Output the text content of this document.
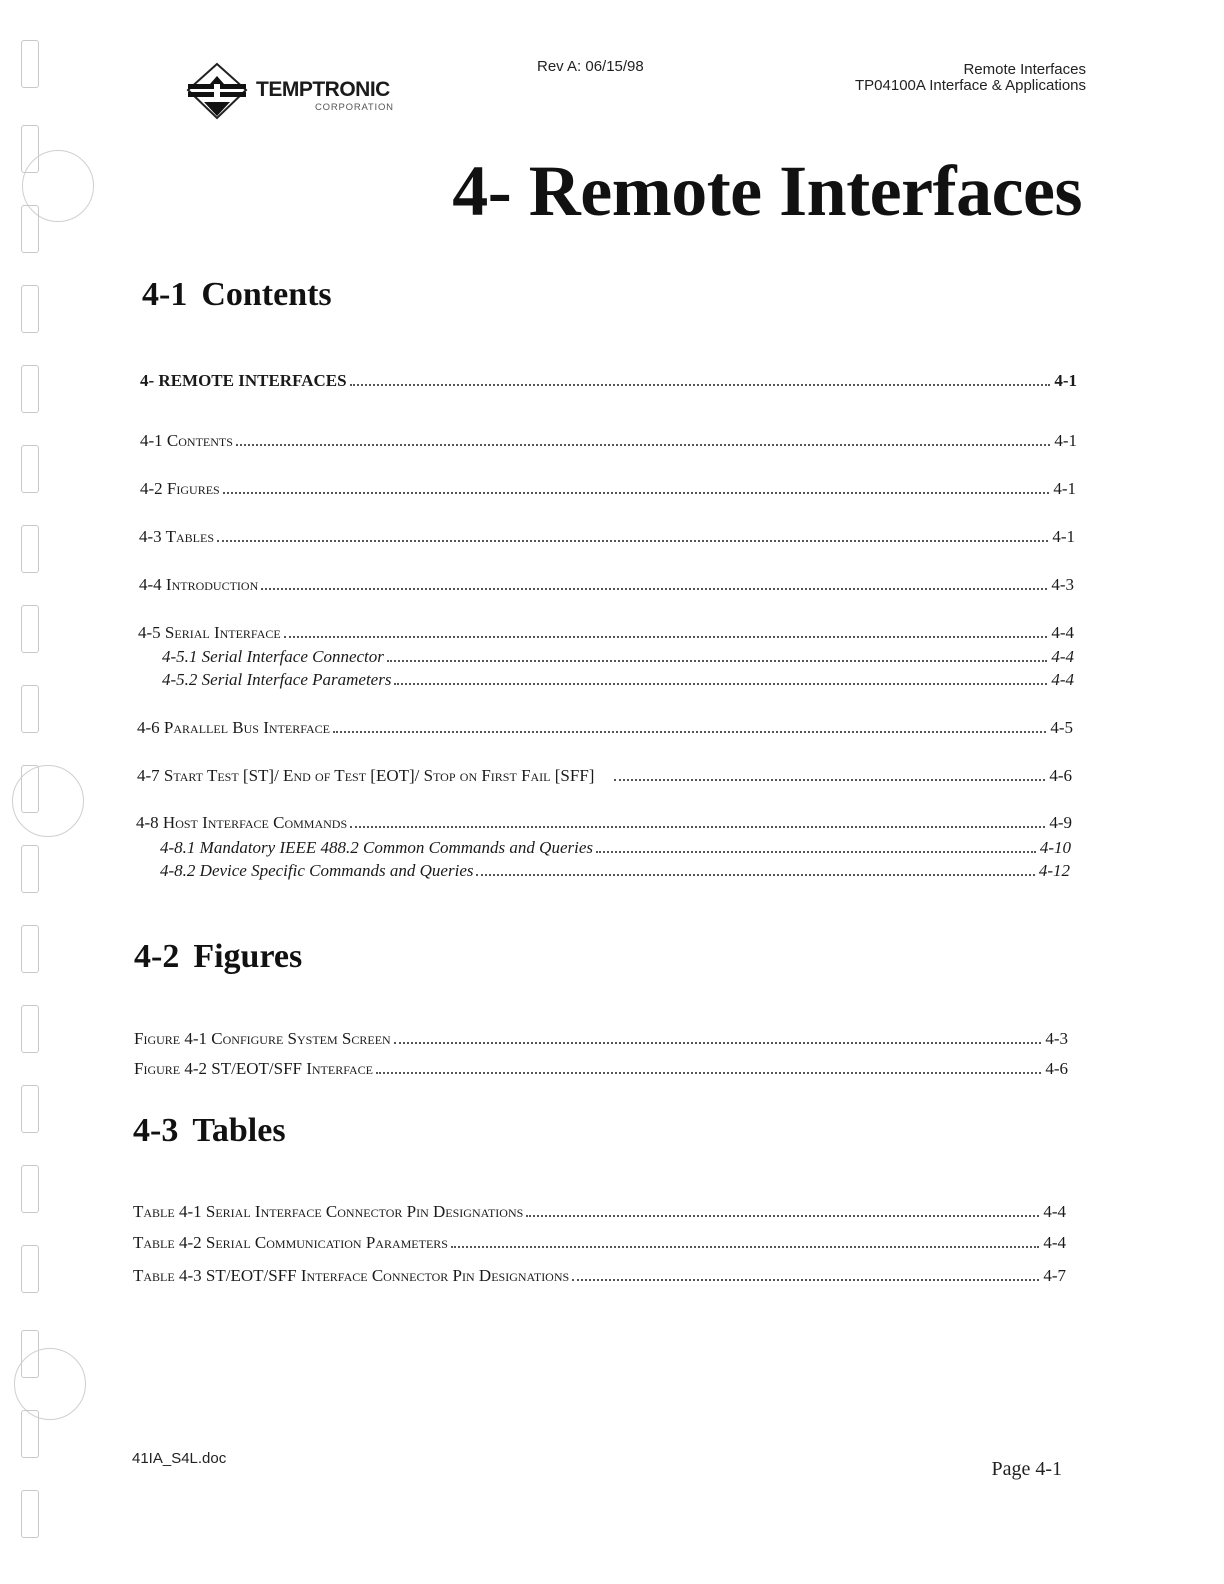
TEMPTRONIC
CORPORATION
Rev A: 06/15/98	Remote Interfaces
TP04100A Interface & Applications
4- Remote Interfaces
4-1 Contents
4- REMOTE INTERFACES	4-1
4-1 Contents	4-1
4-2 Figures	4-1
4-3 Tables	4-1
4-4 Introduction	4-3
4-5 Serial Interface	4-4
4-5.1 Serial Interface Connector	4-4
4-5.2 Serial Interface Parameters	4-4
4-6 Parallel Bus Interface	4-5
4-7 Start Test [ST]/ End of Test [EOT]/ Stop on First Fail [SFF]	4-6
4-8 Host Interface Commands	4-9
4-8.1 Mandatory IEEE 488.2 Common Commands and Queries	4-10
4-8.2 Device Specific Commands and Queries	4-12
4-2 Figures
Figure 4-1 Configure System Screen	4-3
Figure 4-2 ST/EOT/SFF Interface	4-6
4-3 Tables
Table 4-1 Serial Interface Connector Pin Designations	4-4
Table 4-2 Serial Communication Parameters	4-4
Table 4-3 ST/EOT/SFF Interface Connector Pin Designations	4-7
41IA_S4L.doc	Page 4-1
